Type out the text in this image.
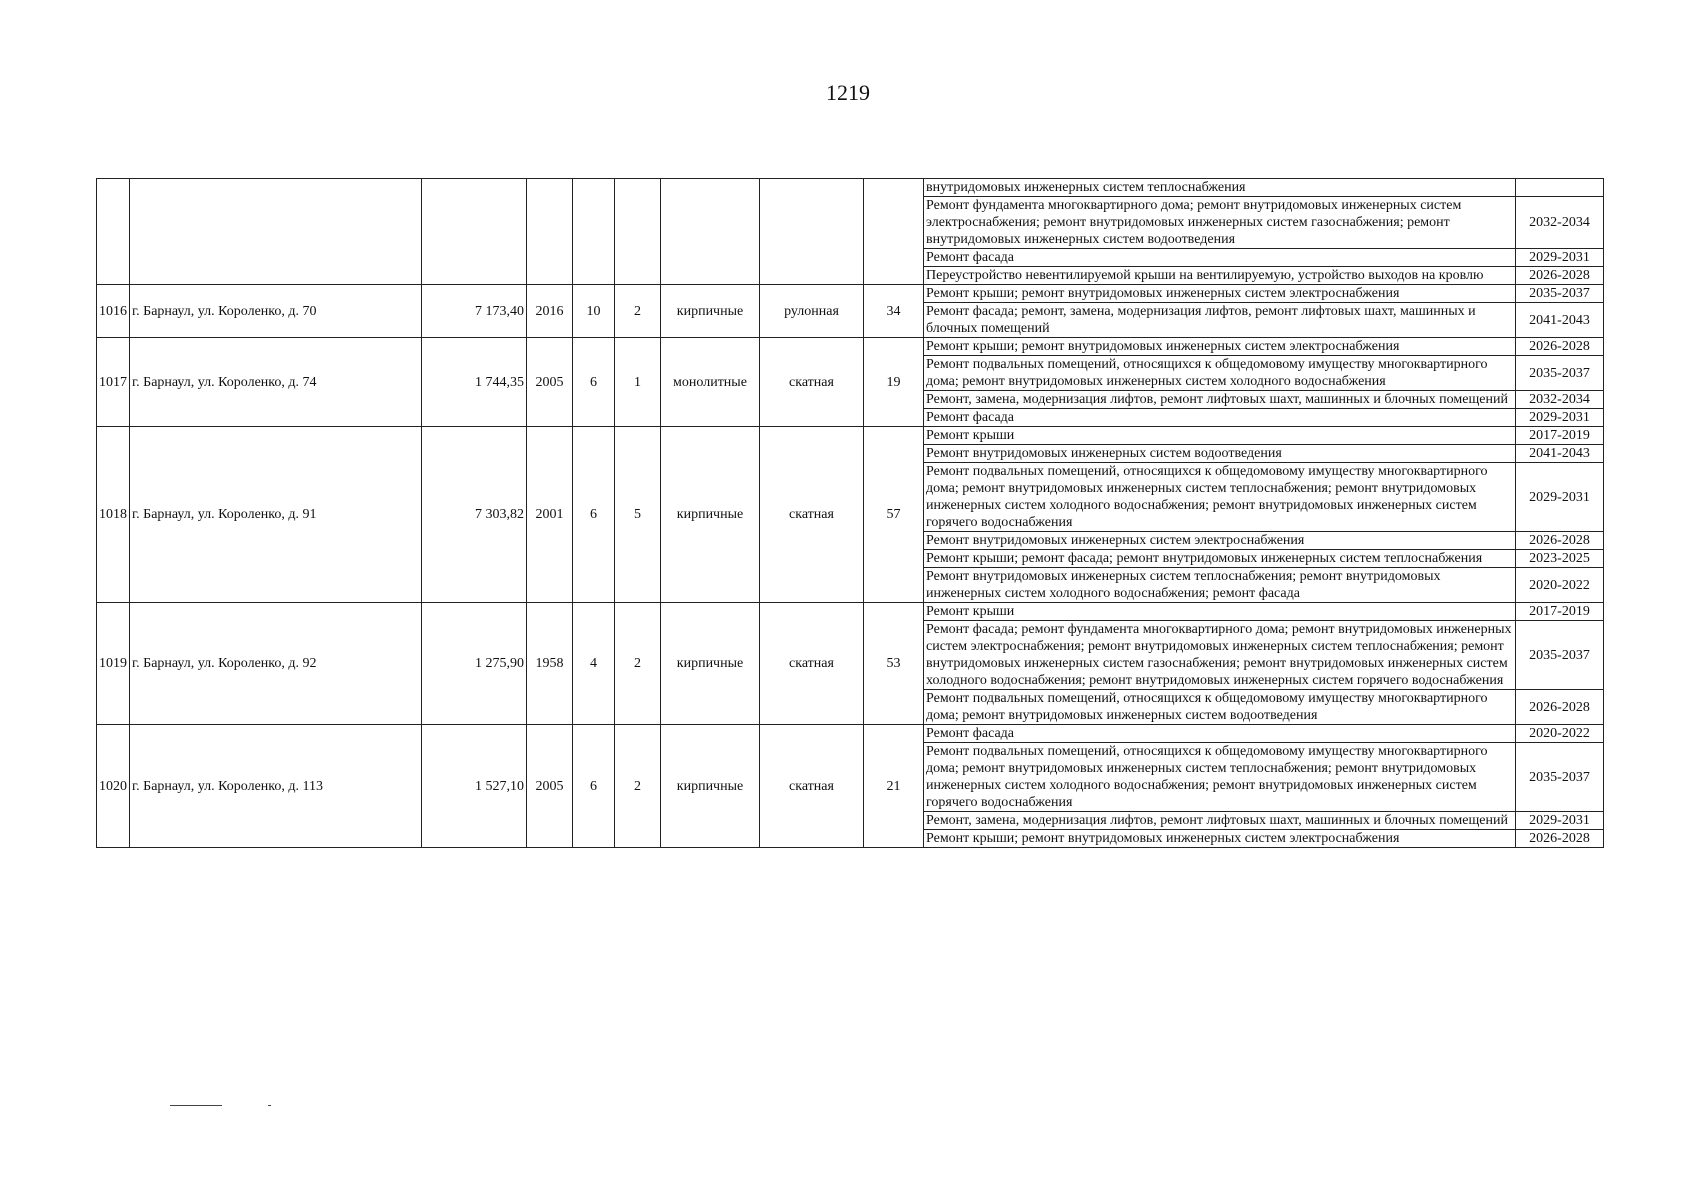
1219
									внутридомовых инженерных систем теплоснабжения	
									Ремонт фундамента многоквартирного дома; ремонт внутридомовых инженерных систем электроснабжения; ремонт внутридомовых инженерных систем газоснабжения; ремонт внутридомовых инженерных систем водоотведения	2032-2034
									Ремонт фасада	2029-2031
									Переустройство невентилируемой крыши на вентилируемую, устройство выходов на кровлю	2026-2028
1016	г. Барнаул, ул. Короленко, д. 70	7 173,40	2016	10	2	кирпичные	рулонная	34	Ремонт крыши; ремонт внутридомовых инженерных систем электроснабжения	2035-2037
									Ремонт фасада; ремонт, замена, модернизация лифтов, ремонт лифтовых шахт, машинных и блочных помещений	2041-2043
1017	г. Барнаул, ул. Короленко, д. 74	1 744,35	2005	6	1	монолитные	скатная	19	Ремонт крыши; ремонт внутридомовых инженерных систем электроснабжения	2026-2028
									Ремонт подвальных помещений, относящихся к общедомовому имуществу многоквартирного дома; ремонт внутридомовых инженерных систем холодного водоснабжения	2035-2037
									Ремонт, замена, модернизация лифтов, ремонт лифтовых шахт, машинных и блочных помещений	2032-2034
									Ремонт фасада	2029-2031
1018	г. Барнаул, ул. Короленко, д. 91	7 303,82	2001	6	5	кирпичные	скатная	57	Ремонт крыши	2017-2019
									Ремонт внутридомовых инженерных систем водоотведения	2041-2043
									Ремонт подвальных помещений, относящихся к общедомовому имуществу многоквартирного дома; ремонт внутридомовых инженерных систем теплоснабжения; ремонт внутридомовых инженерных систем холодного водоснабжения; ремонт внутридомовых инженерных систем горячего водоснабжения	2029-2031
									Ремонт внутридомовых инженерных систем электроснабжения	2026-2028
									Ремонт крыши; ремонт фасада; ремонт внутридомовых инженерных систем теплоснабжения	2023-2025
									Ремонт внутридомовых инженерных систем теплоснабжения; ремонт внутридомовых инженерных систем холодного водоснабжения; ремонт фасада	2020-2022
1019	г. Барнаул, ул. Короленко, д. 92	1 275,90	1958	4	2	кирпичные	скатная	53	Ремонт крыши	2017-2019
									Ремонт фасада; ремонт фундамента многоквартирного дома; ремонт внутридомовых инженерных систем электроснабжения; ремонт внутридомовых инженерных систем теплоснабжения; ремонт внутридомовых инженерных систем газоснабжения; ремонт внутридомовых инженерных систем холодного водоснабжения; ремонт внутридомовых инженерных систем горячего водоснабжения	2035-2037
									Ремонт подвальных помещений, относящихся к общедомовому имуществу многоквартирного дома; ремонт внутридомовых инженерных систем водоотведения	2026-2028
1020	г. Барнаул, ул. Короленко, д. 113	1 527,10	2005	6	2	кирпичные	скатная	21	Ремонт фасада	2020-2022
									Ремонт подвальных помещений, относящихся к общедомовому имуществу многоквартирного дома; ремонт внутридомовых инженерных систем теплоснабжения; ремонт внутридомовых инженерных систем холодного водоснабжения; ремонт внутридомовых инженерных систем горячего водоснабжения	2035-2037
									Ремонт, замена, модернизация лифтов, ремонт лифтовых шахт, машинных и блочных помещений	2029-2031
									Ремонт крыши; ремонт внутридомовых инженерных систем электроснабжения	2026-2028
